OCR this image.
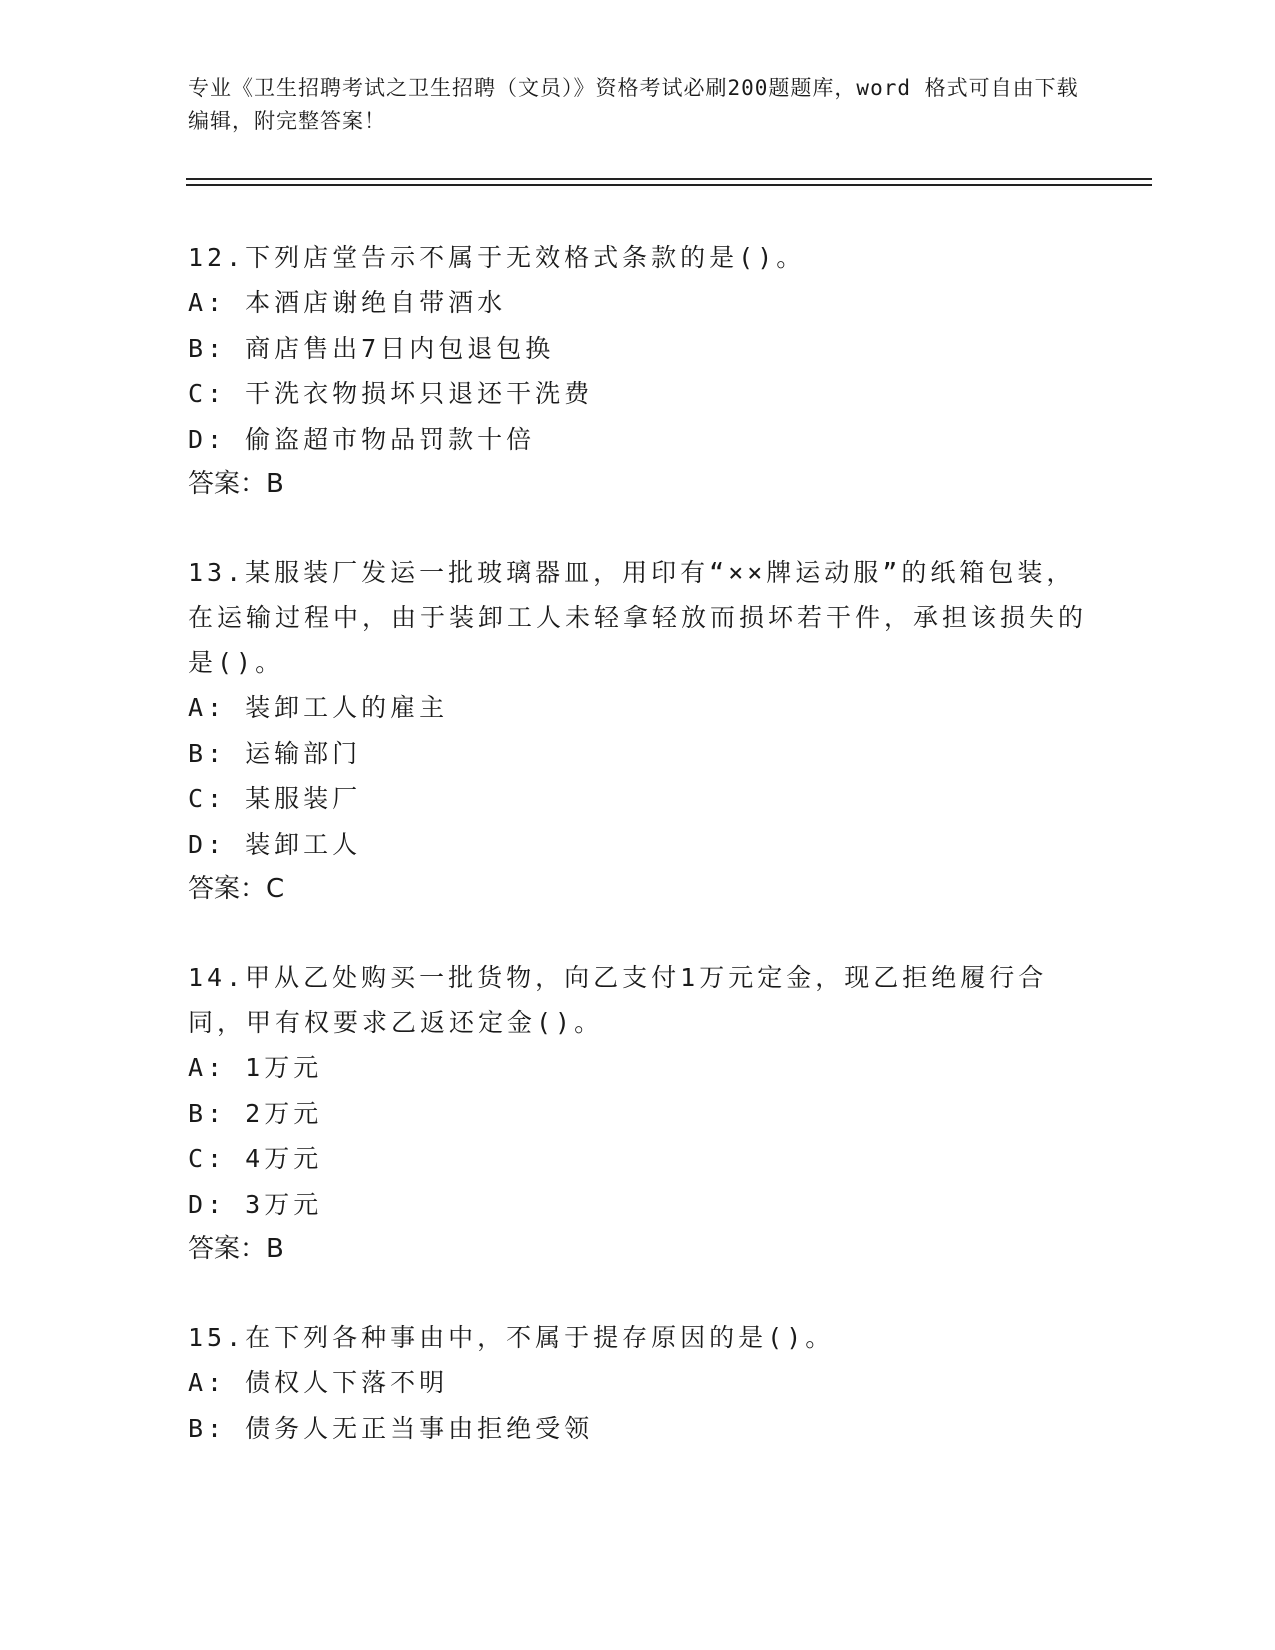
专业《卫生招聘考试之卫生招聘（文员）》资格考试必刷200题题库，word 格式可自由下载编辑，附完整答案！
12.下列店堂告示不属于无效格式条款的是()。
A: 本酒店谢绝自带酒水
B: 商店售出7日内包退包换
C: 干洗衣物损坏只退还干洗费
D: 偷盗超市物品罚款十倍
答案：B
13.某服装厂发运一批玻璃器皿，用印有“××牌运动服”的纸箱包装，在运输过程中，由于装卸工人未轻拿轻放而损坏若干件，承担该损失的是()。
A: 装卸工人的雇主
B: 运输部门
C: 某服装厂
D: 装卸工人
答案：C
14.甲从乙处购买一批货物，向乙支付1万元定金，现乙拒绝履行合同，甲有权要求乙返还定金()。
A: 1万元
B: 2万元
C: 4万元
D: 3万元
答案：B
15.在下列各种事由中，不属于提存原因的是()。
A: 债权人下落不明
B: 债务人无正当事由拒绝受领
